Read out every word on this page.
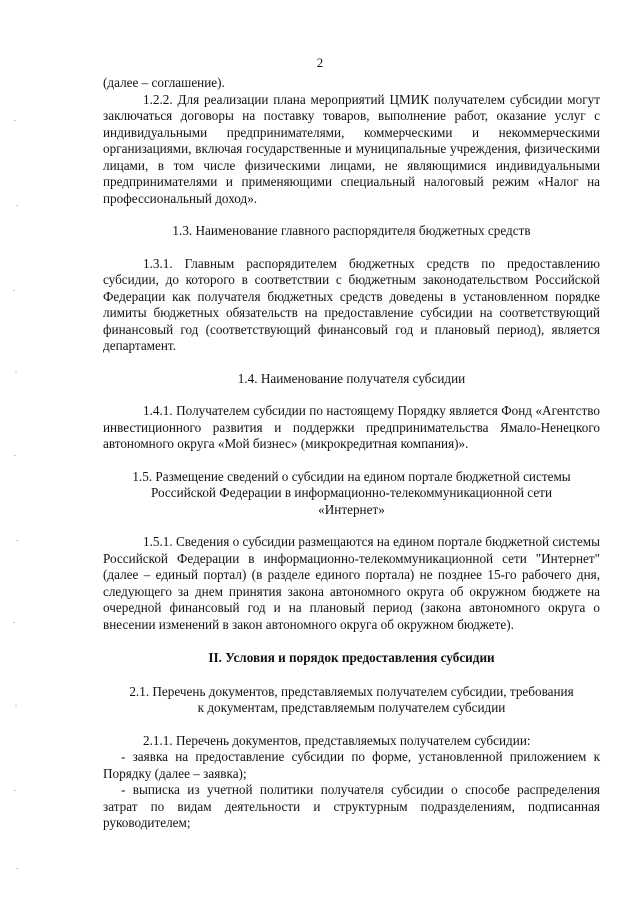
2

(далее – соглашение).

1.2.2. Для реализации плана мероприятий ЦМИК получателем субсидии могут заключаться договоры на поставку товаров, выполнение работ, оказание услуг с индивидуальными предпринимателями, коммерческими и некоммерческими организациями, включая государственные и муниципальные учреждения, физическими лицами, в том числе физическими лицами, не являющимися индивидуальными предпринимателями и применяющими специальный налоговый режим «Налог на профессиональный доход».

1.3. Наименование главного распорядителя бюджетных средств

1.3.1. Главным распорядителем бюджетных средств по предоставлению субсидии, до которого в соответствии с бюджетным законодательством Российской Федерации как получателя бюджетных средств доведены в установленном порядке лимиты бюджетных обязательств на предоставление субсидии на соответствующий финансовый год (соответствующий финансовый год и плановый период), является департамент.

1.4. Наименование получателя субсидии

1.4.1. Получателем субсидии по настоящему Порядку является Фонд «Агентство инвестиционного развития и поддержки предпринимательства Ямало-Ненецкого автономного округа «Мой бизнес» (микрокредитная компания)».

1.5. Размещение сведений о субсидии на едином портале бюджетной системы

Российской Федерации в информационно-телекоммуникационной сети

«Интернет»

1.5.1. Сведения о субсидии размещаются на едином портале бюджетной системы Российской Федерации в информационно-телекоммуникационной сети "Интернет" (далее – единый портал) (в разделе единого портала) не позднее 15-го рабочего дня, следующего за днем принятия закона автономного округа об окружном бюджете на очередной финансовый год и на плановый период (закона автономного округа о внесении изменений в закон автономного округа об окружном бюджете).

II. Условия и порядок предоставления субсидии

2.1. Перечень документов, представляемых получателем субсидии, требования

к документам, представляемым получателем субсидии

2.1.1. Перечень документов, представляемых получателем субсидии:

- заявка на предоставление субсидии по форме, установленной приложением к Порядку (далее – заявка);

- выписка из учетной политики получателя субсидии о способе распределения затрат по видам деятельности и структурным подразделениям, подписанная руководителем;
